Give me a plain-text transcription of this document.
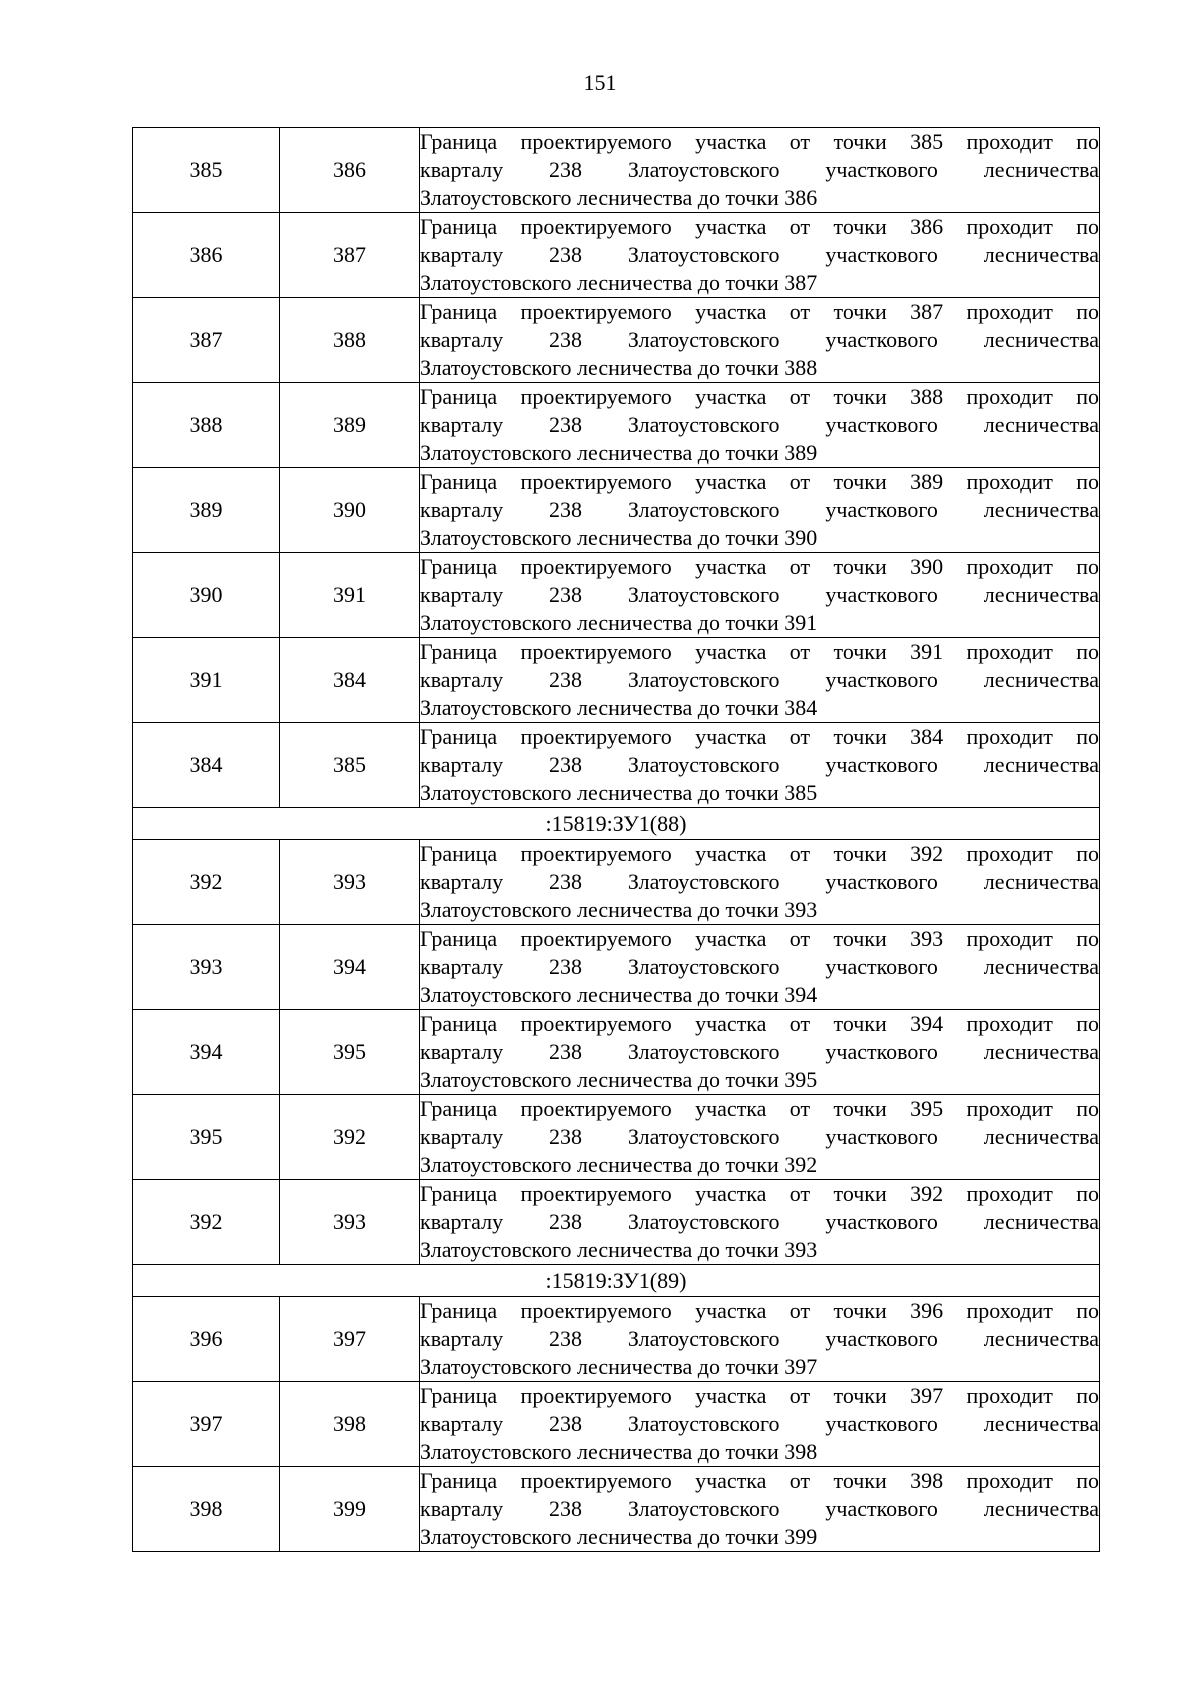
151
385	386	Граница проектируемого участка от точки 385 проходит по
кварталу 238 Златоустовского участкового лесничества
Златоустовского лесничества до точки 386

386	387	Граница проектируемого участка от точки 386 проходит по
кварталу 238 Златоустовского участкового лесничества
Златоустовского лесничества до точки 387

387	388	Граница проектируемого участка от точки 387 проходит по
кварталу 238 Златоустовского участкового лесничества
Златоустовского лесничества до точки 388

388	389	Граница проектируемого участка от точки 388 проходит по
кварталу 238 Златоустовского участкового лесничества
Златоустовского лесничества до точки 389

389	390	Граница проектируемого участка от точки 389 проходит по
кварталу 238 Златоустовского участкового лесничества
Златоустовского лесничества до точки 390

390	391	Граница проектируемого участка от точки 390 проходит по
кварталу 238 Златоустовского участкового лесничества
Златоустовского лесничества до точки 391

391	384	Граница проектируемого участка от точки 391 проходит по
кварталу 238 Златоустовского участкового лесничества
Златоустовского лесничества до точки 384

384	385	Граница проектируемого участка от точки 384 проходит по
кварталу 238 Златоустовского участкового лесничества
Златоустовского лесничества до точки 385

:15819:ЗУ1(88)		
392	393	Граница проектируемого участка от точки 392 проходит по
кварталу 238 Златоустовского участкового лесничества
Златоустовского лесничества до точки 393

393	394	Граница проектируемого участка от точки 393 проходит по
кварталу 238 Златоустовского участкового лесничества
Златоустовского лесничества до точки 394

394	395	Граница проектируемого участка от точки 394 проходит по
кварталу 238 Златоустовского участкового лесничества
Златоустовского лесничества до точки 395

395	392	Граница проектируемого участка от точки 395 проходит по
кварталу 238 Златоустовского участкового лесничества
Златоустовского лесничества до точки 392

392	393	Граница проектируемого участка от точки 392 проходит по
кварталу 238 Златоустовского участкового лесничества
Златоустовского лесничества до точки 393

:15819:ЗУ1(89)		
396	397	Граница проектируемого участка от точки 396 проходит по
кварталу 238 Златоустовского участкового лесничества
Златоустовского лесничества до точки 397

397	398	Граница проектируемого участка от точки 397 проходит по
кварталу 238 Златоустовского участкового лесничества
Златоустовского лесничества до точки 398

398	399	Граница проектируемого участка от точки 398 проходит по
кварталу 238 Златоустовского участкового лесничества
Златоустовского лесничества до точки 399
